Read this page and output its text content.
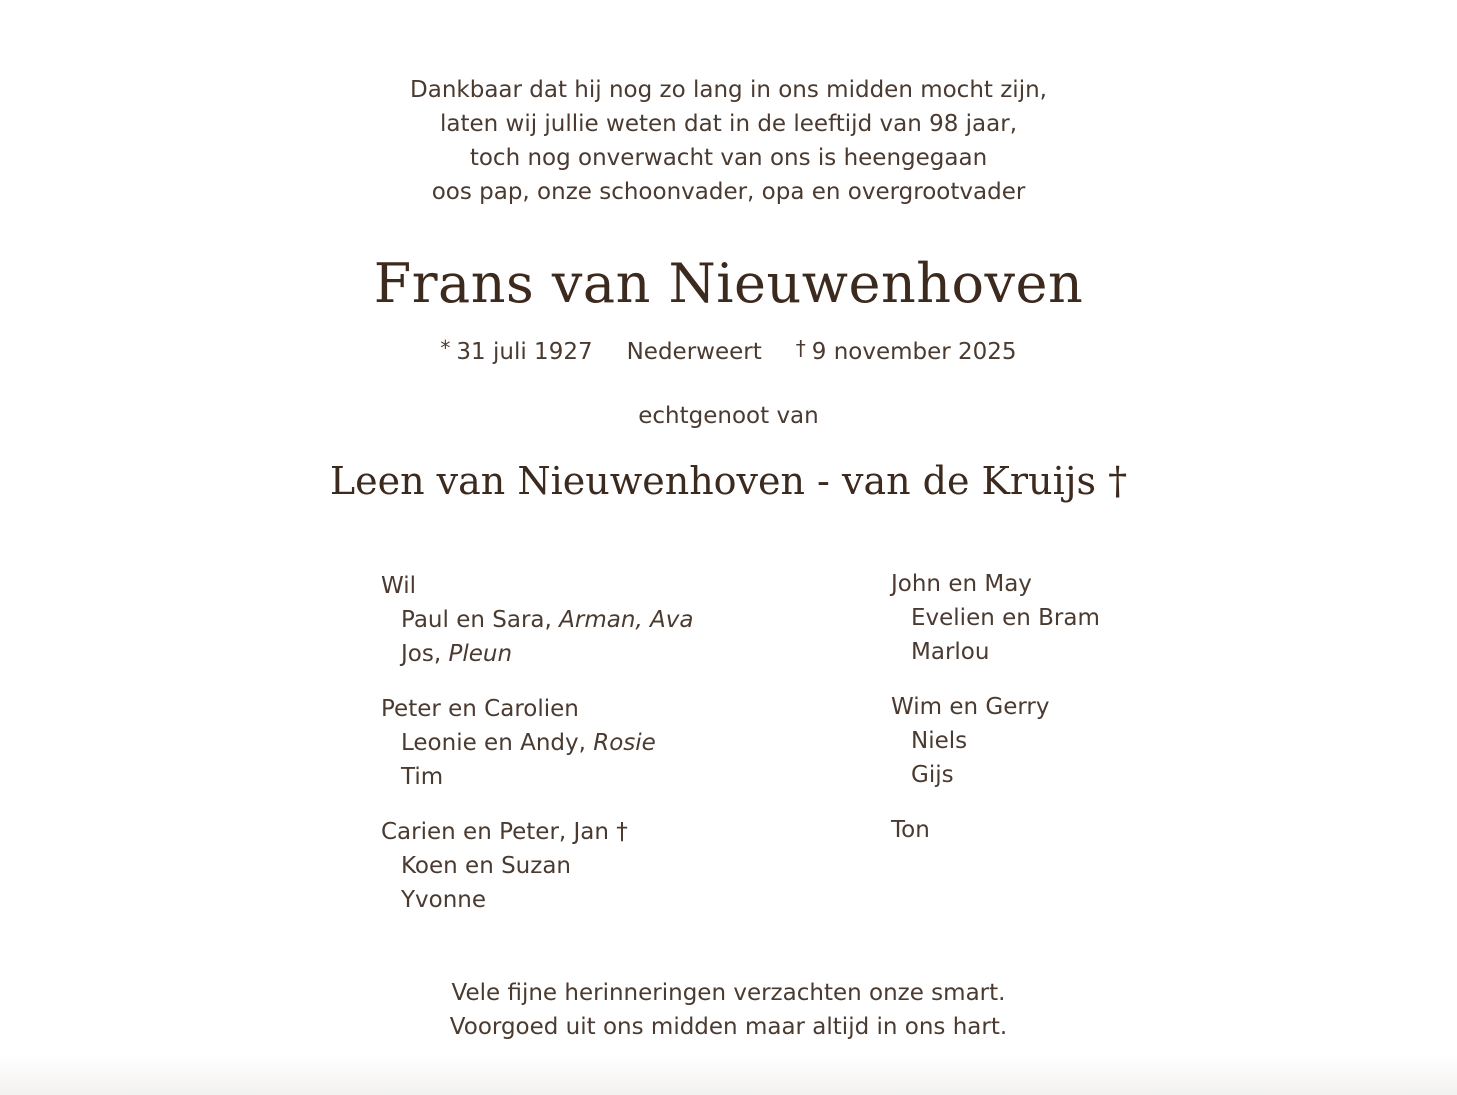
Dankbaar dat hij nog zo lang in ons midden mocht zijn,
laten wij jullie weten dat in de leeftijd van 98 jaar,
toch nog onverwacht van ons is heengegaan
oos pap, onze schoonvader, opa en overgrootvader
Frans van Nieuwenhoven
* 31 juli 1927 Nederweert † 9 november 2025
echtgenoot van
Leen van Nieuwenhoven - van de Kruijs †
Wil
Paul en Sara, Arman, Ava
Jos, Pleun
Peter en Carolien
Leonie en Andy, Rosie
Tim
Carien en Peter, Jan †
Koen en Suzan
Yvonne
John en May
Evelien en Bram
Marlou
Wim en Gerry
Niels
Gijs
Ton
Vele fijne herinneringen verzachten onze smart.
Voorgoed uit ons midden maar altijd in ons hart.
